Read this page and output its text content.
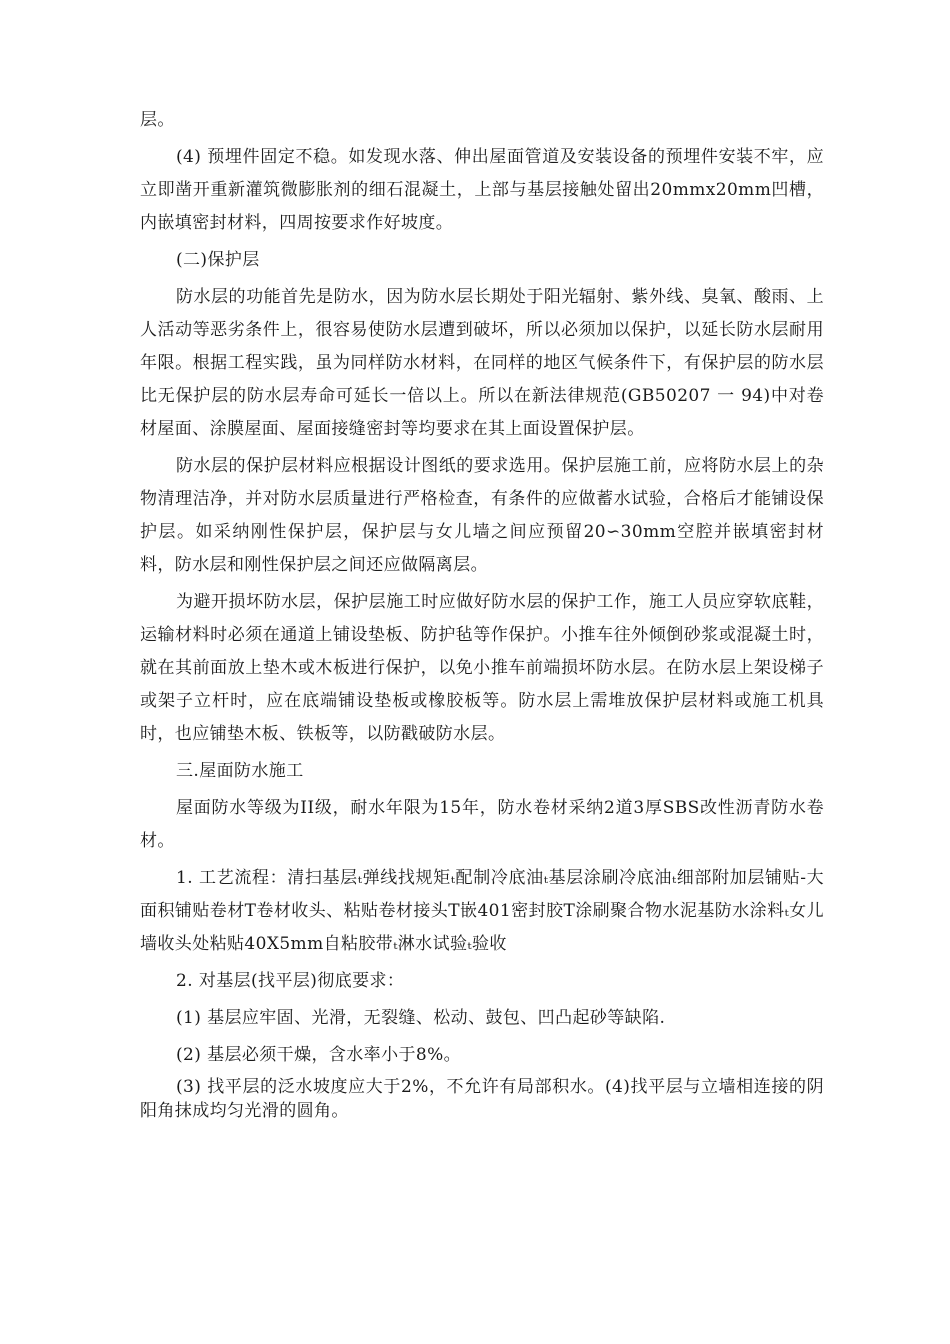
层。

(4) 预埋件固定不稳。如发现水落、伸出屋面管道及安装设备的预埋件安装不牢，应立即凿开重新灌筑微膨胀剂的细石混凝土，上部与基层接触处留出20mmx20mm凹槽，内嵌填密封材料，四周按要求作好坡度。

(二)保护层

防水层的功能首先是防水，因为防水层长期处于阳光辐射、紫外线、臭氧、酸雨、上人活动等恶劣条件上，很容易使防水层遭到破坏，所以必须加以保护，以延长防水层耐用年限。根据工程实践，虽为同样防水材料，在同样的地区气候条件下，有保护层的防水层比无保护层的防水层寿命可延长一倍以上。所以在新法律规范(GB50207 一 94)中对卷材屋面、涂膜屋面、屋面接缝密封等均要求在其上面设置保护层。

防水层的保护层材料应根据设计图纸的要求选用。保护层施工前，应将防水层上的杂物清理洁净，并对防水层质量进行严格检查，有条件的应做蓄水试验，合格后才能铺设保护层。如采纳刚性保护层，保护层与女儿墙之间应预留20∽30mm空腔并嵌填密封材料，防水层和刚性保护层之间还应做隔离层。

为避开损坏防水层，保护层施工时应做好防水层的保护工作，施工人员应穿软底鞋，运输材料时必须在通道上铺设垫板、防护毡等作保护。小推车往外倾倒砂浆或混凝土时，就在其前面放上垫木或木板进行保护，以免小推车前端损坏防水层。在防水层上架设梯子或架子立杆时，应在底端铺设垫板或橡胶板等。防水层上需堆放保护层材料或施工机具时，也应铺垫木板、铁板等，以防戳破防水层。

三.屋面防水施工

屋面防水等级为II级，耐水年限为15年，防水卷材采纳2道3厚SBS改性沥青防水卷材。

1. 工艺流程：清扫基层ₜ弹线找规矩ₜ配制冷底油ₜ基层涂刷冷底油ₜ细部附加层铺贴-大面积铺贴卷材T卷材收头、粘贴卷材接头T嵌401密封胶T涂刷聚合物水泥基防水涂料ₜ女儿墙收头处粘贴40X5mm自粘胶带ₜ淋水试验ₜ验收

2. 对基层(找平层)彻底要求：

(1) 基层应牢固、光滑，无裂缝、松动、鼓包、凹凸起砂等缺陷.

(2) 基层必须干燥，含水率小于8%。

(3) 找平层的泛水坡度应大于2%，不允许有局部积水。(4)找平层与立墙相连接的阴阳角抹成均匀光滑的圆角。
